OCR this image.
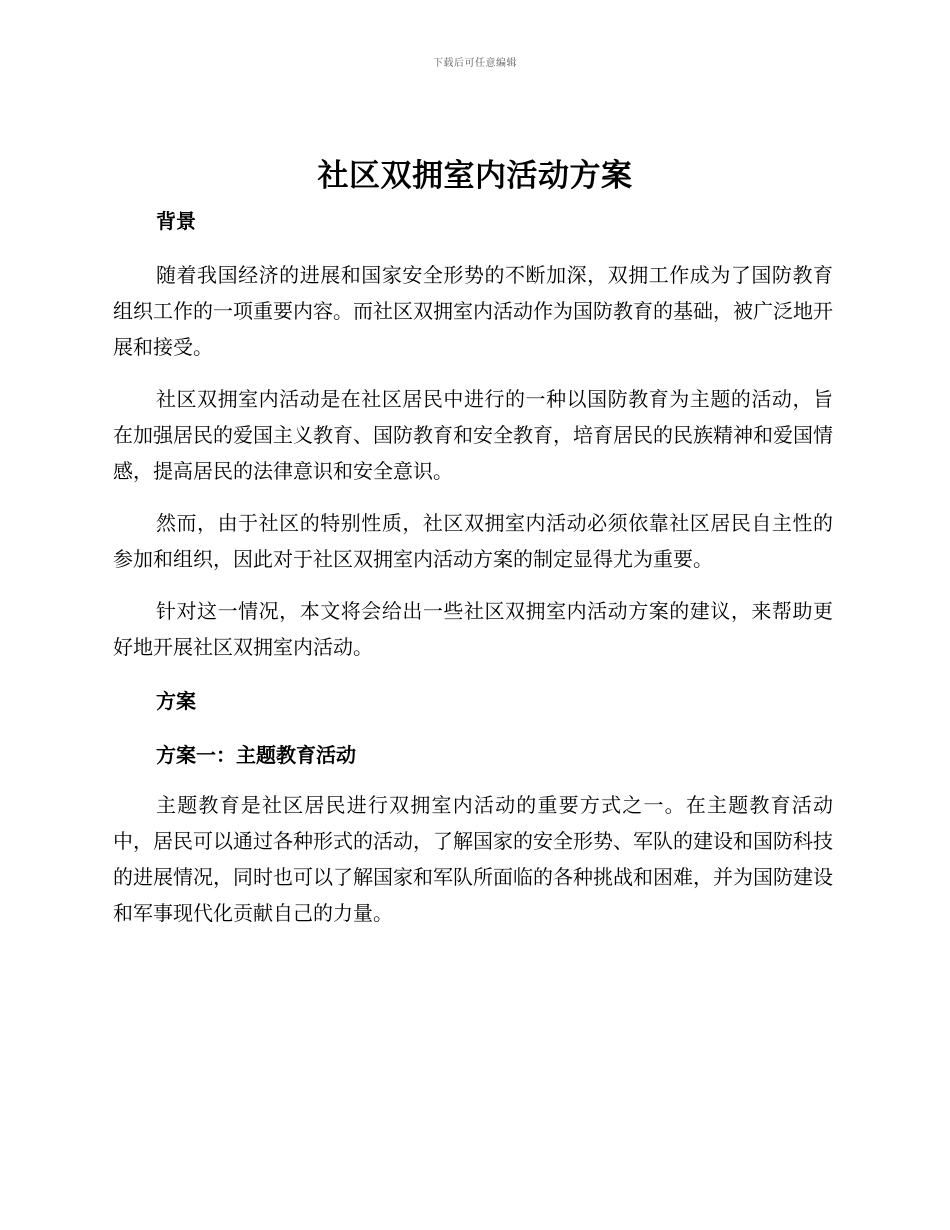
下载后可任意编辑
社区双拥室内活动方案

背景

随着我国经济的进展和国家安全形势的不断加深，双拥工作成为了国防教育组织工作的一项重要内容。而社区双拥室内活动作为国防教育的基础，被广泛地开展和接受。

社区双拥室内活动是在社区居民中进行的一种以国防教育为主题的活动，旨在加强居民的爱国主义教育、国防教育和安全教育，培育居民的民族精神和爱国情感，提高居民的法律意识和安全意识。

然而，由于社区的特别性质，社区双拥室内活动必须依靠社区居民自主性的参加和组织，因此对于社区双拥室内活动方案的制定显得尤为重要。

针对这一情况，本文将会给出一些社区双拥室内活动方案的建议，来帮助更好地开展社区双拥室内活动。

方案

方案一：主题教育活动

主题教育是社区居民进行双拥室内活动的重要方式之一。在主题教育活动中，居民可以通过各种形式的活动，了解国家的安全形势、军队的建设和国防科技的进展情况，同时也可以了解国家和军队所面临的各种挑战和困难，并为国防建设和军事现代化贡献自己的力量。
